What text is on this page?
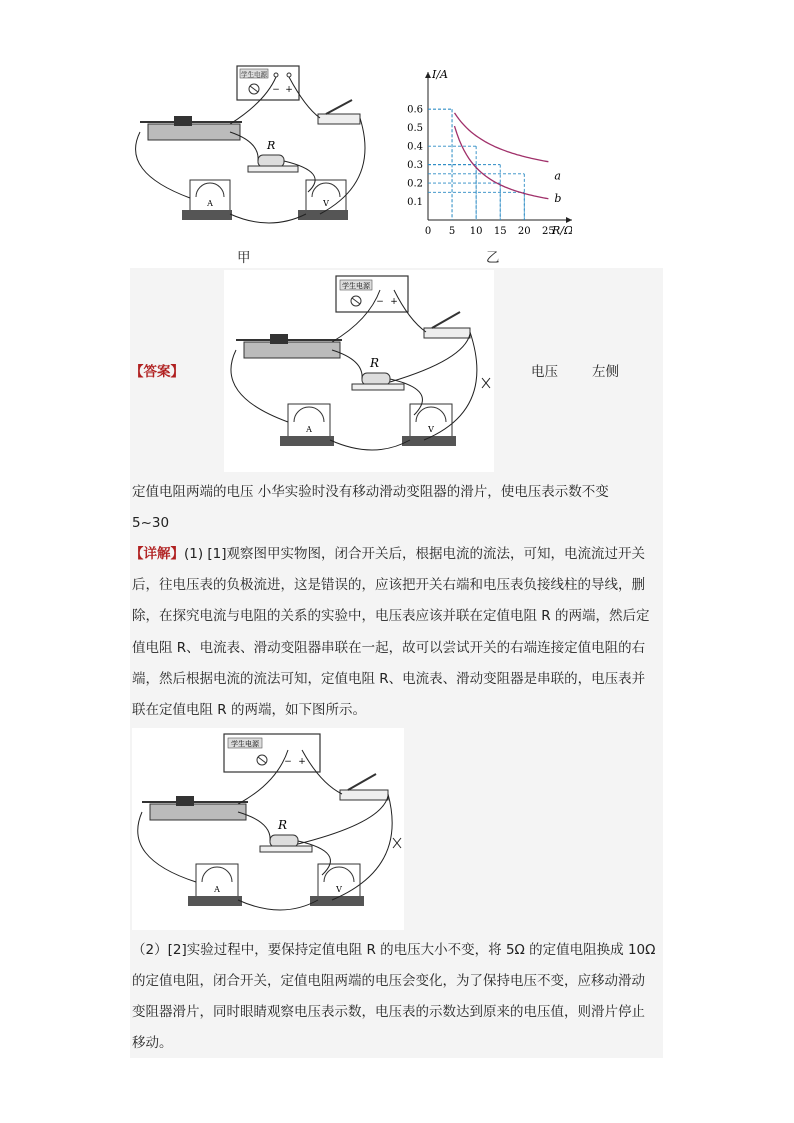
学生电源
− +
R
A	V
甲
I/A
R/Ω
0 5 10 15 20 25
0.1
0.2
0.3
0.4
0.5
0.6
a
b
乙
学生电源
− +
R
A	V
【答案】	电压	左侧
定值电阻两端的电压 小华实验时没有移动滑动变阻器的滑片，使电压表示数不变
5~30
【详解】(1) [1]观察图甲实物图，闭合开关后，根据电流的流法，可知，电流流过开关
后，往电压表的负极流进，这是错误的，应该把开关右端和电压表负接线柱的导线，删
除，在探究电流与电阻的关系的实验中，电压表应该并联在定值电阻 R 的两端，然后定
值电阻 R、电流表、滑动变阻器串联在一起，故可以尝试开关的右端连接定值电阻的右
端，然后根据电流的流法可知，定值电阻 R、电流表、滑动变阻器是串联的，电压表并
联在定值电阻 R 的两端，如下图所示。
学生电源
− +
R
A	V
（2）[2]实验过程中，要保持定值电阻 R 的电压大小不变，将 5Ω 的定值电阻换成 10Ω
的定值电阻，闭合开关，定值电阻两端的电压会变化，为了保持电压不变，应移动滑动
变阻器滑片，同时眼睛观察电压表示数，电压表的示数达到原来的电压值，则滑片停止
移动。
